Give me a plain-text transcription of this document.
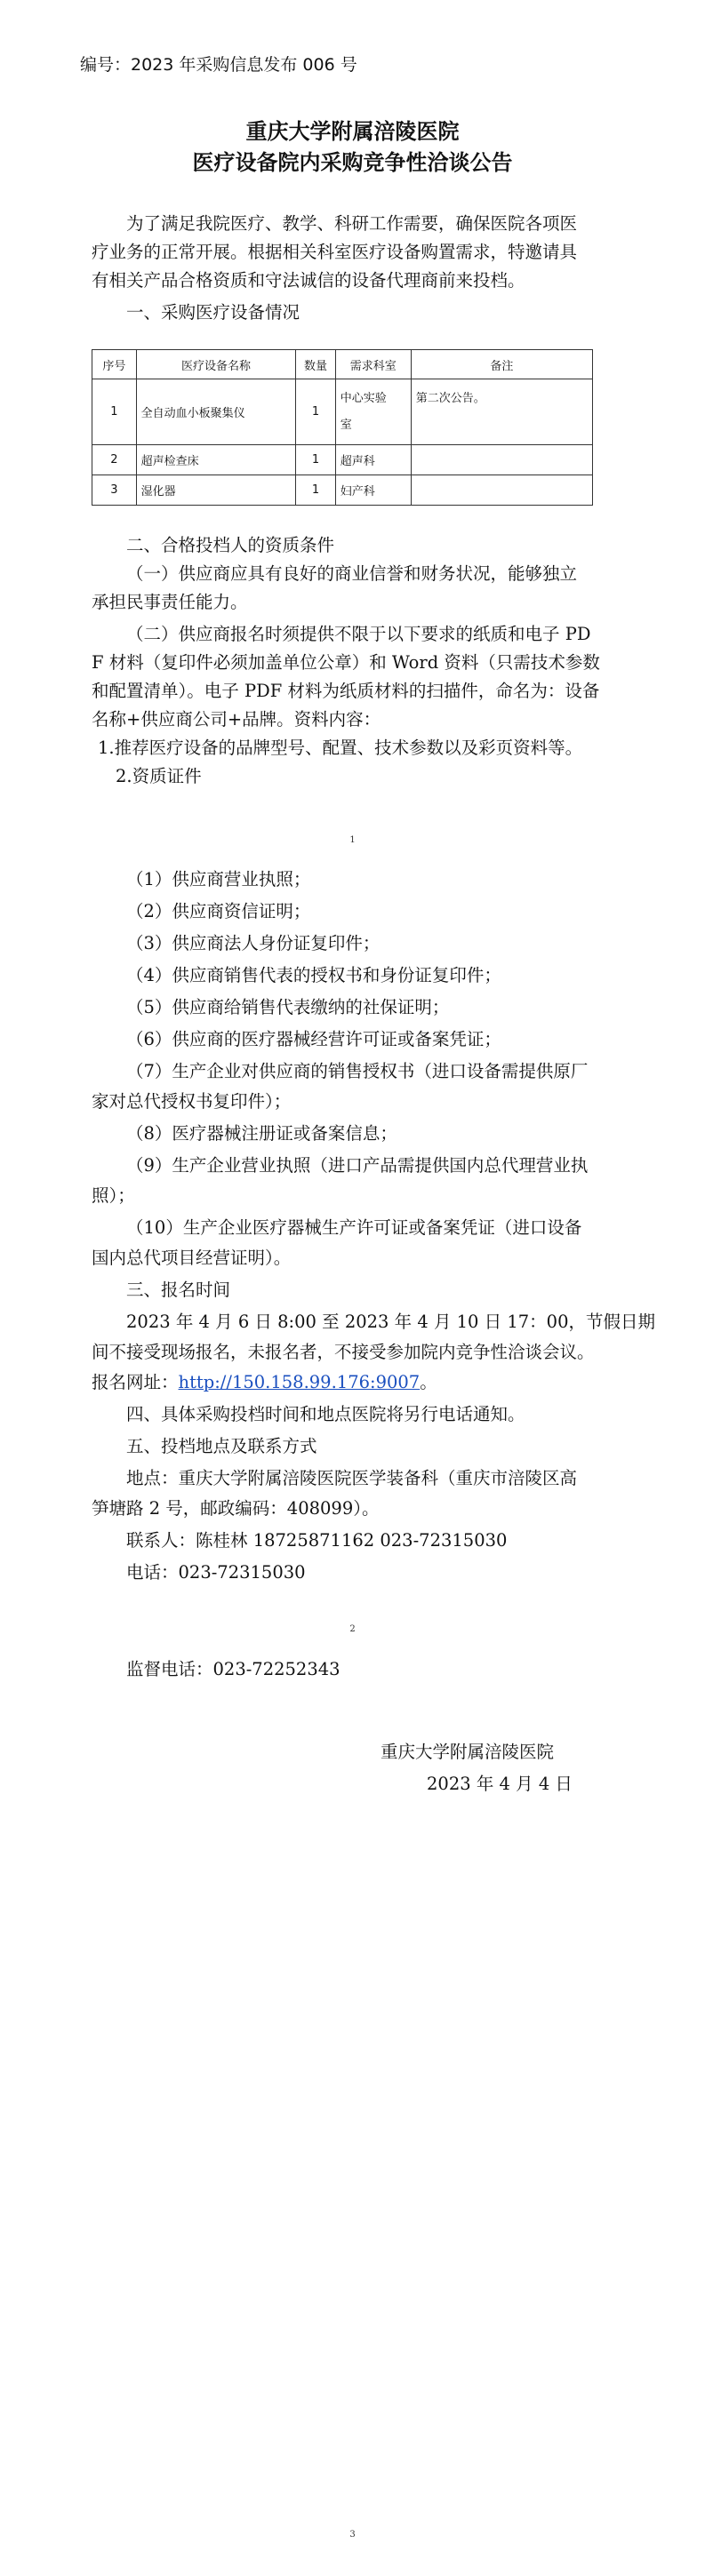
编号：2023 年采购信息发布 006 号
重庆大学附属涪陵医院
医疗设备院内采购竞争性洽谈公告
为了满足我院医疗、教学、科研工作需要，确保医院各项医
疗业务的正常开展。根据相关科室医疗设备购置需求，特邀请具
有相关产品合格资质和守法诚信的设备代理商前来投档。
一、采购医疗设备情况
序号	医疗设备名称	数量	需求科室	备注
1	全自动血小板聚集仪	1	中心实验
室	第二次公告。
2	超声检查床	1	超声科	
3	湿化器	1	妇产科	
二、合格投档人的资质条件
（一）供应商应具有良好的商业信誉和财务状况，能够独立
承担民事责任能力。
（二）供应商报名时须提供不限于以下要求的纸质和电子 PD
F 材料（复印件必须加盖单位公章）和 Word 资料（只需技术参数
和配置清单）。电子 PDF 材料为纸质材料的扫描件，命名为：设备
名称+供应商公司+品牌。资料内容：
1.推荐医疗设备的品牌型号、配置、技术参数以及彩页资料等。
2.资质证件
1
（1）供应商营业执照；
（2）供应商资信证明；
（3）供应商法人身份证复印件；
（4）供应商销售代表的授权书和身份证复印件；
（5）供应商给销售代表缴纳的社保证明；
（6）供应商的医疗器械经营许可证或备案凭证；
（7）生产企业对供应商的销售授权书（进口设备需提供原厂
家对总代授权书复印件）；
（8）医疗器械注册证或备案信息；
（9）生产企业营业执照（进口产品需提供国内总代理营业执
照）；
（10）生产企业医疗器械生产许可证或备案凭证（进口设备
国内总代项目经营证明）。
三、报名时间
2023 年 4 月 6 日 8:00 至 2023 年 4 月 10 日 17：00，节假日期
间不接受现场报名，未报名者，不接受参加院内竞争性洽谈会议。
报名网址：http://150.158.99.176:9007。
四、具体采购投档时间和地点医院将另行电话通知。
五、投档地点及联系方式
地点：重庆大学附属涪陵医院医学装备科（重庆市涪陵区高
笋塘路 2 号，邮政编码：408099）。
联系人：陈桂林 18725871162 023-72315030
电话：023-72315030
2
监督电话：023-72252343
重庆大学附属涪陵医院
2023 年 4 月 4 日
3
